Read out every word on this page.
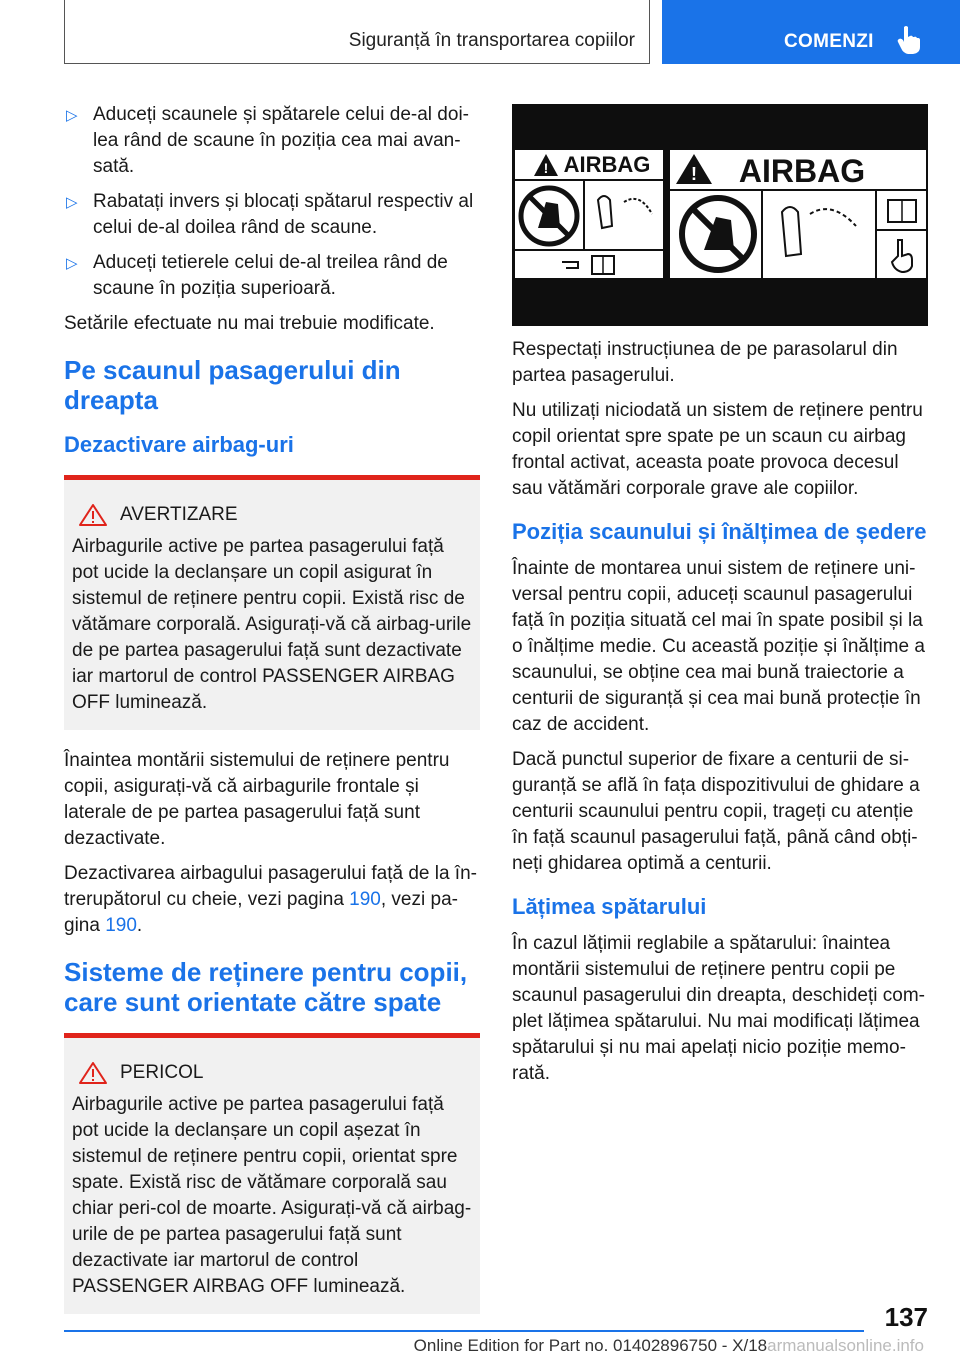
Siguranță în transportarea copiilor	COMENZI
▷ Aduceți scaunele și spătarele celui de-al doi-lea rând de scaune în poziția cea mai avan-sată.
▷ Rabatați invers și blocați spătarul respectiv al celui de-al doilea rând de scaune.
▷ Aduceți tetierele celui de-al treilea rând de scaune în poziția superioară.

Setările efectuate nu mai trebuie modificate.

Pe scaunul pasagerului din dreapta
Dezactivare airbag-uri
AVERTIZARE

Airbagurile active pe partea pasagerului față pot ucide la declanșare un copil asigurat în sistemul de reținere pentru copii. Există risc de vătămare corporală. Asigurați-vă că airbag-urile de pe partea pasagerului față sunt dezactivate iar martorul de control PASSENGER AIRBAG OFF luminează.

Înaintea montării sistemului de reținere pentru copii, asigurați-vă că airbagurile frontale și laterale de pe partea pasagerului față sunt dezactivate.

Dezactivarea airbagului pasagerului față de la în-trerupătorul cu cheie, vezi pagina 190, vezi pa-gina 190.

Sisteme de reținere pentru copii, care sunt orientate către spate
PERICOL

Airbagurile active pe partea pasagerului față pot ucide la declanșare un copil așezat în sistemul de reținere pentru copii, orientat spre spate. Există risc de vătămare corporală sau chiar peri-col de moarte. Asigurați-vă că airbag-urile de pe partea pasagerului față sunt dezactivate iar martorul de control PASSENGER AIRBAG OFF luminează.

! AIRBAG ! AIRBAG

Respectați instrucțiunea de pe parasolarul din partea pasagerului.

Nu utilizați niciodată un sistem de reținere pentru copil orientat spre spate pe un scaun cu airbag frontal activat, aceasta poate provoca decesul sau vătămări corporale grave ale copiilor.

Poziția scaunului și înălțimea de ședere

Înainte de montarea unui sistem de reținere uni-versal pentru copii, aduceți scaunul pasagerului față în poziția situată cel mai în spate posibil și la o înălțime medie. Cu această poziție și înălțime a scaunului, se obține cea mai bună traiectorie a centurii de siguranță și cea mai bună protecție în caz de accident.

Dacă punctul superior de fixare a centurii de si-guranță se află în fața dispozitivului de ghidare a centurii scaunului pentru copii, trageți cu atenție în față scaunul pasagerului față, până când obți-neți ghidarea optimă a centurii.

Lățimea spătarului

În cazul lățimii reglabile a spătarului: înaintea montării sistemului de reținere pentru copii pe scaunul pasagerului din dreapta, deschideți com-plet lățimea spătarului. Nu mai modificați lățimea spătarului și nu mai apelați nicio poziție memo-rată.

137
Online Edition for Part no. 01402896750 - X/18armanualsonline.info
